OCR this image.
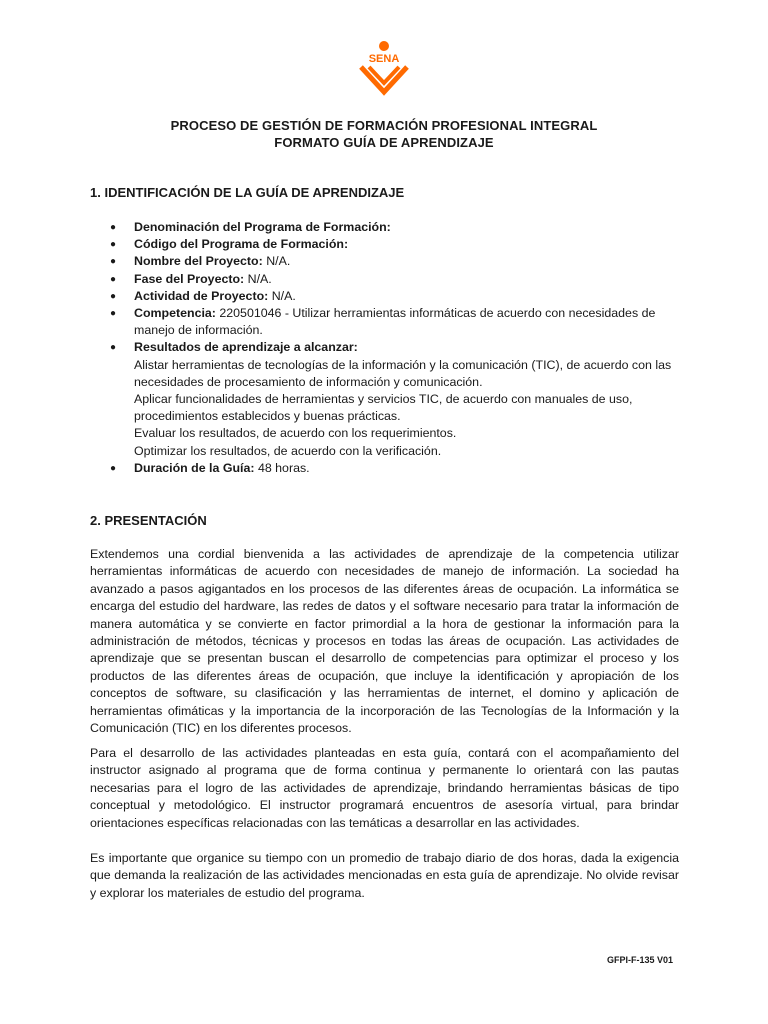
SENA
PROCESO DE GESTIÓN DE FORMACIÓN PROFESIONAL INTEGRAL
FORMATO GUÍA DE APRENDIZAJE
1. IDENTIFICACIÓN DE LA GUÍA DE APRENDIZAJE
● Denominación del Programa de Formación:
● Código del Programa de Formación:
● Nombre del Proyecto: N/A.
● Fase del Proyecto: N/A.
● Actividad de Proyecto: N/A.
● Competencia: 220501046 - Utilizar herramientas informáticas de acuerdo con necesidades de manejo de información.
● Resultados de aprendizaje a alcanzar:
Alistar herramientas de tecnologías de la información y la comunicación (TIC), de acuerdo con las necesidades de procesamiento de información y comunicación.
Aplicar funcionalidades de herramientas y servicios TIC, de acuerdo con manuales de uso, procedimientos establecidos y buenas prácticas.
Evaluar los resultados, de acuerdo con los requerimientos.
Optimizar los resultados, de acuerdo con la verificación.
● Duración de la Guía: 48 horas.
2. PRESENTACIÓN

Extendemos una cordial bienvenida a las actividades de aprendizaje de la competencia utilizar herramientas informáticas de acuerdo con necesidades de manejo de información. La sociedad ha avanzado a pasos agigantados en los procesos de las diferentes áreas de ocupación. La informática se encarga del estudio del hardware, las redes de datos y el software necesario para tratar la información de manera automática y se convierte en factor primordial a la hora de gestionar la información para la administración de métodos, técnicas y procesos en todas las áreas de ocupación. Las actividades de aprendizaje que se presentan buscan el desarrollo de competencias para optimizar el proceso y los productos de las diferentes áreas de ocupación, que incluye la identificación y apropiación de los conceptos de software, su clasificación y las herramientas de internet, el domino y aplicación de herramientas ofimáticas y la importancia de la incorporación de las Tecnologías de la Información y la Comunicación (TIC) en los diferentes procesos.

Para el desarrollo de las actividades planteadas en esta guía, contará con el acompañamiento del instructor asignado al programa que de forma continua y permanente lo orientará con las pautas necesarias para el logro de las actividades de aprendizaje, brindando herramientas básicas de tipo conceptual y metodológico. El instructor programará encuentros de asesoría virtual, para brindar orientaciones específicas relacionadas con las temáticas a desarrollar en las actividades.

Es importante que organice su tiempo con un promedio de trabajo diario de dos horas, dada la exigencia que demanda la realización de las actividades mencionadas en esta guía de aprendizaje. No olvide revisar y explorar los materiales de estudio del programa.

GFPI-F-135 V01
